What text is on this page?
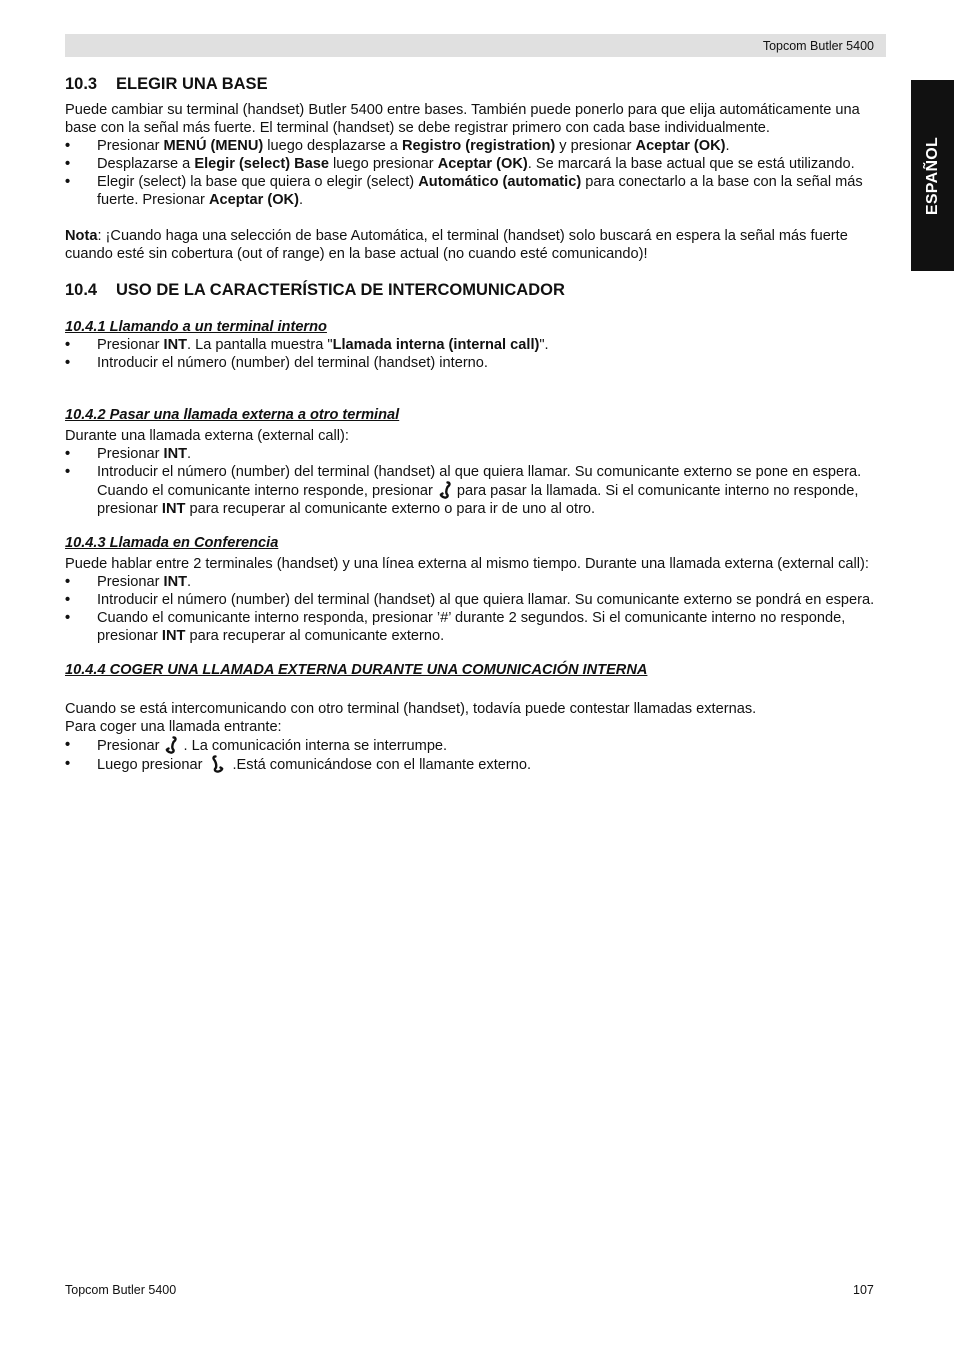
Topcom Butler 5400
ESPAÑOL
10.3 ELEGIR UNA BASE

Puede cambiar su terminal (handset) Butler 5400 entre bases. También puede ponerlo para que elija automáticamente una base con la señal más fuerte. El terminal (handset) se debe registrar primero con cada base individualmente.

• Presionar MENÚ (MENU) luego desplazarse a Registro (registration) y presionar Aceptar (OK).
• Desplazarse a Elegir (select) Base luego presionar Aceptar (OK). Se marcará la base actual que se está utilizando.
• Elegir (select) la base que quiera o elegir (select) Automático (automatic) para conectarlo a la base con la señal más fuerte. Presionar Aceptar (OK).

Nota: ¡Cuando haga una selección de base Automática, el terminal (handset) solo buscará en espera la señal más fuerte cuando esté sin cobertura (out of range) en la base actual (no cuando esté comunicando)!

10.4 USO DE LA CARACTERÍSTICA DE INTERCOMUNICADOR
10.4.1 Llamando a un terminal interno
• Presionar INT. La pantalla muestra "Llamada interna (internal call)".
• Introducir el número (number) del terminal (handset) interno.
10.4.2 Pasar una llamada externa a otro terminal

Durante una llamada externa (external call):

• Presionar INT.
• Introducir el número (number) del terminal (handset) al que quiera llamar. Su comunicante externo se pone en espera. Cuando el comunicante interno responde, presionar para pasar la llamada. Si el comunicante interno no responde, presionar INT para recuperar al comunicante externo o para ir de uno al otro.
10.4.3 Llamada en Conferencia

Puede hablar entre 2 terminales (handset) y una línea externa al mismo tiempo. Durante una llamada externa (external call):

• Presionar INT.
• Introducir el número (number) del terminal (handset) al que quiera llamar. Su comunicante externo se pondrá en espera.
• Cuando el comunicante interno responda, presionar ’#’ durante 2 segundos. Si el comunicante interno no responde, presionar INT para recuperar al comunicante externo.
10.4.4 COGER UNA LLAMADA EXTERNA DURANTE UNA COMUNICACIÓN INTERNA

Cuando se está intercomunicando con otro terminal (handset), todavía puede contestar llamadas externas.

Para coger una llamada entrante:

• Presionar . La comunicación interna se interrumpe.
• Luego presionar .Está comunicándose con el llamante externo.
Topcom Butler 5400	107
